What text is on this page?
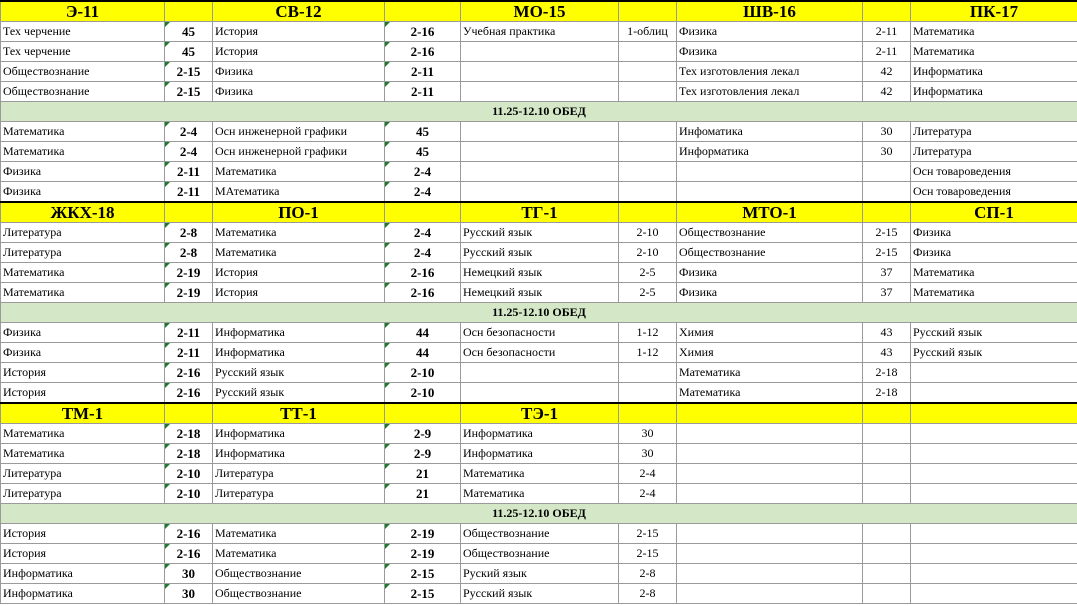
Э-11		СВ-12		МО-15		ШВ-16		ПК-17
Тех черчение	45	История	2-16	Учебная практика	1-облиц	Физика	2-11	Математика
Тех черчение	45	История	2-16			Физика	2-11	Математика
Обществознание	2-15	Физика	2-11			Тех изготовления лекал	42	Информатика
Обществознание	2-15	Физика	2-11			Тех изготовления лекал	42	Информатика
11.25-12.10 ОБЕД								
Математика	2-4	Осн инженерной графики	45			Инфоматика	30	Литература
Математика	2-4	Осн инженерной графики	45			Информатика	30	Литература
Физика	2-11	Математика	2-4					Осн товароведения
Физика	2-11	МАтематика	2-4					Осн товароведения
ЖКХ-18		ПО-1		ТГ-1		МТО-1		СП-1
Литература	2-8	Математика	2-4	Русский язык	2-10	Обществознание	2-15	Физика
Литература	2-8	Математика	2-4	Русский язык	2-10	Обществознание	2-15	Физика
Математика	2-19	История	2-16	Немецкий язык	2-5	Физика	37	Математика
Математика	2-19	История	2-16	Немецкий язык	2-5	Физика	37	Математика
11.25-12.10 ОБЕД								
Физика	2-11	Информатика	44	Осн безопасности	1-12	Химия	43	Русский язык
Физика	2-11	Информатика	44	Осн безопасности	1-12	Химия	43	Русский язык
История	2-16	Русский язык	2-10			Математика	2-18	
История	2-16	Русский язык	2-10			Математика	2-18	
ТМ-1		ТТ-1		ТЭ-1				
Математика	2-18	Информатика	2-9	Информатика	30			
Математика	2-18	Информатика	2-9	Информатика	30			
Литература	2-10	Литература	21	Математика	2-4			
Литература	2-10	Литература	21	Математика	2-4			
11.25-12.10 ОБЕД								
История	2-16	Математика	2-19	Обществознание	2-15			
История	2-16	Математика	2-19	Обществознание	2-15			
Информатика	30	Обществознание	2-15	Руский язык	2-8			
Информатика	30	Обществознание	2-15	Русский язык	2-8			
